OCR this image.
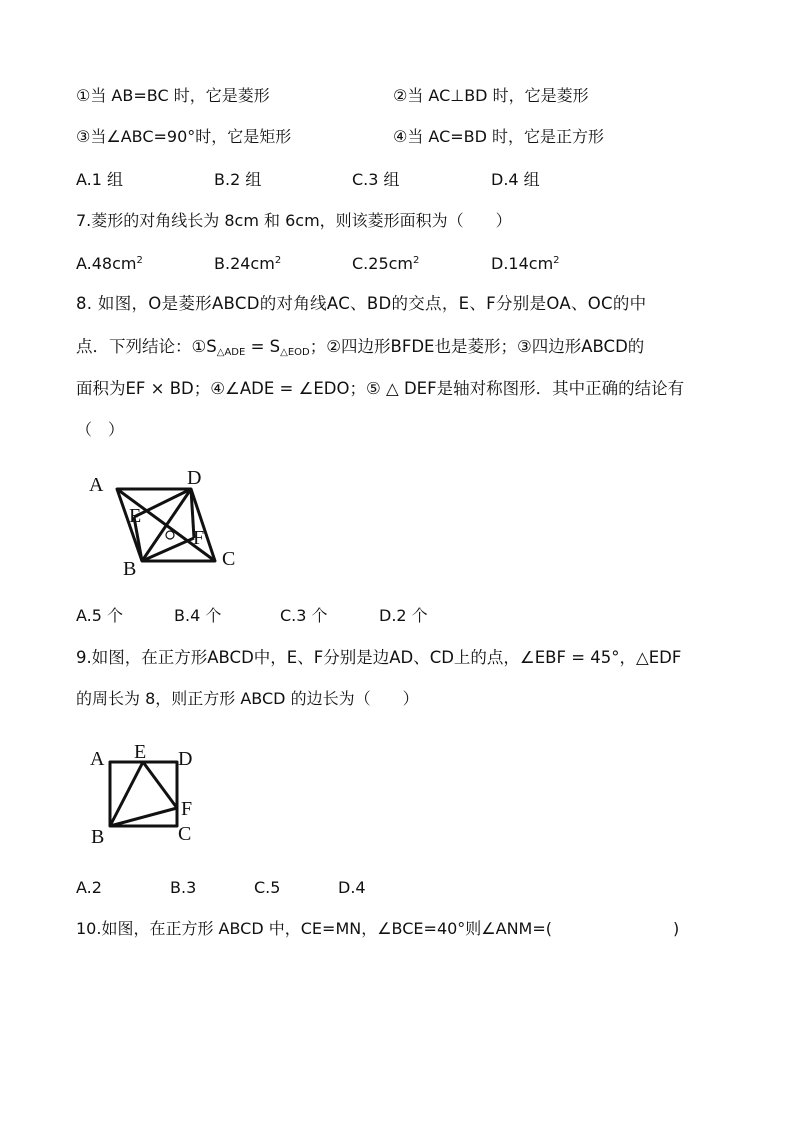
①当 AB=BC 时，它是菱形	②当 AC⊥BD 时，它是菱形
③当∠ABC=90°时，它是矩形	④当 AC=BD 时，它是正方形
A.1 组	B.2 组	C.3 组	D.4 组
7.菱形的对角线长为 8cm 和 6cm，则该菱形面积为（　　）
$A.48cm^2$	$B.24cm^2$	$C.25cm^2$	$D.14cm^2$
8. 如图，O是菱形ABCD的对角线AC、BD的交点，E、F分别是OA、OC的中
点．下列结论：$①S_{\triangle ADE} = S_{\triangle EOD}$；②四边形BFDE也是菱形；③四边形ABCD的
面积为EF × BD；④∠ADE = ∠EDO；⑤ △ DEF是轴对称图形．其中正确的结论有
（　）
A	D
E
F
C
B
A.5 个	B.4 个	C.3 个	D.2 个
9.如图，在正方形ABCD中，E、F分别是边AD、CD上的点，∠EBF = 45°，△EDF
的周长为 8，则正方形 ABCD 的边长为（　　）
A E D
F
C
B
A.2	B.3	C.5	D.4
10.如图，在正方形 ABCD 中，CE=MN，∠BCE=40°则∠ANM=(	)
